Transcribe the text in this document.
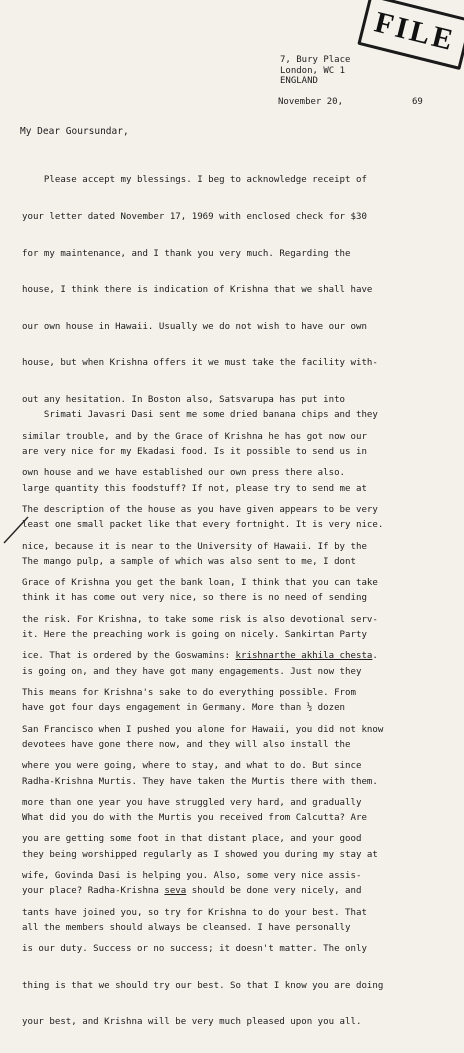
FILE
7, Bury Place
London, WC 1
ENGLAND
November 20,	69
My Dear Goursundar,

Please accept my blessings. I beg to acknowledge receipt of

your letter dated November 17, 1969 with enclosed check for $30

for my maintenance, and I thank you very much. Regarding the

house, I think there is indication of Krishna that we shall have

our own house in Hawaii. Usually we do not wish to have our own

house, but when Krishna offers it we must take the facility with-

out any hesitation. In Boston also, Satsvarupa has put into

similar trouble, and by the Grace of Krishna he has got now our

own house and we have established our own press there also.

The description of the house as you have given appears to be very

nice, because it is near to the University of Hawaii. If by the

Grace of Krishna you get the bank loan, I think that you can take

the risk. For Krishna, to take some risk is also devotional serv-

ice. That is ordered by the Goswamins: krishnarthe akhila chesta.

This means for Krishna's sake to do everything possible. From

San Francisco when I pushed you alone for Hawaii, you did not know

where you were going, where to stay, and what to do. But since

more than one year you have struggled very hard, and gradually

you are getting some foot in that distant place, and your good

wife, Govinda Dasi is helping you. Also, some very nice assis-

tants have joined you, so try for Krishna to do your best. That

is our duty. Success or no success; it doesn't matter. The only

thing is that we should try our best. So that I know you are doing

your best, and Krishna will be very much pleased upon you all.

Srimati Javasri Dasi sent me some dried banana chips and they

are very nice for my Ekadasi food. Is it possible to send us in

large quantity this foodstuff? If not, please try to send me at

least one small packet like that every fortnight. It is very nice.

The mango pulp, a sample of which was also sent to me, I dont

think it has come out very nice, so there is no need of sending

it. Here the preaching work is going on nicely. Sankirtan Party

is going on, and they have got many engagements. Just now they

have got four days engagement in Germany. More than ½ dozen

devotees have gone there now, and they will also install the

Radha-Krishna Murtis. They have taken the Murtis there with them.

What did you do with the Murtis you received from Calcutta? Are

they being worshipped regularly as I showed you during my stay at

your place? Radha-Krishna seva should be done very nicely, and

all the members should always be cleansed. I have personally
